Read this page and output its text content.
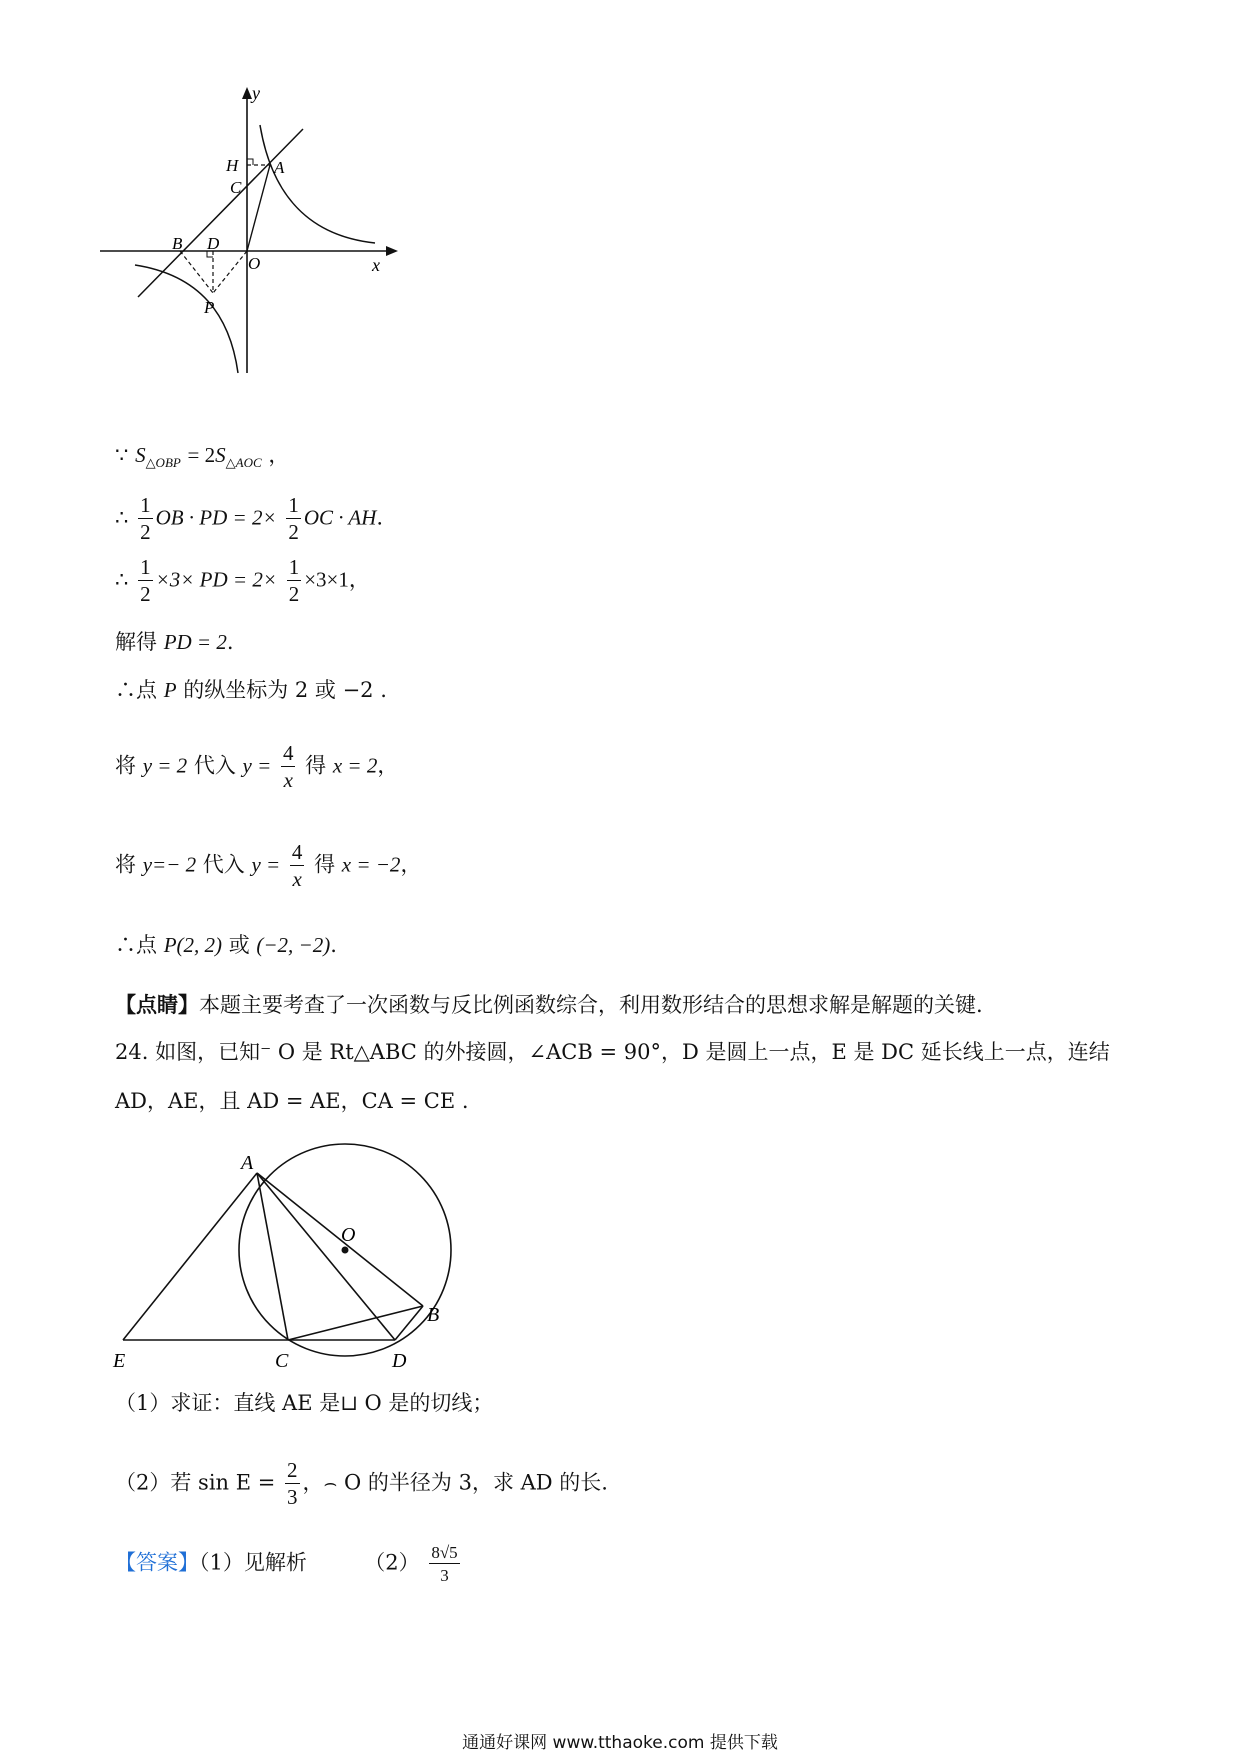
y
x
H A
C
B D
O
P
∵ $S_{\triangle OBP} = 2S_{\triangle AOC}$ ，
∴ $\frac{1}{2}$ OB · PD = $2\times \frac{1}{2}$ OC · AH.
∴ $\frac{1}{2} \times 3\times$ PD = $2\times \frac{1}{2} \times 3\times 1$，
解得 PD = 2.
∴点 P 的纵坐标为 2 或 −2 .
将 y = 2 代入 $y = \frac{4}{x}$ 得 x = 2，
将 y=− 2 代入 $y = \frac{4}{x}$ 得 x = −2，
∴点 P(2, 2) 或 (−2, −2).
【点睛】本题主要考查了一次函数与反比例函数综合，利用数形结合的思想求解是解题的关键.
24. 如图，已知⁻ O 是 Rt△ABC 的外接圆，∠ACB = 90°，D 是圆上一点，E 是 DC 延长线上一点，连结
AD，AE，且 AD = AE，CA = CE .
A
O
B
E	C	D
（1）求证：直线 AE 是⊔ O 是的切线；
（2）若 $\sin E = \frac{2}{3}$ ，⌢ O 的半径为 3，求 AD 的长.
【答案】（1）见解析	$(2) \frac{8√5}{3}$
通通好课网 www.tthaoke.com 提供下载
